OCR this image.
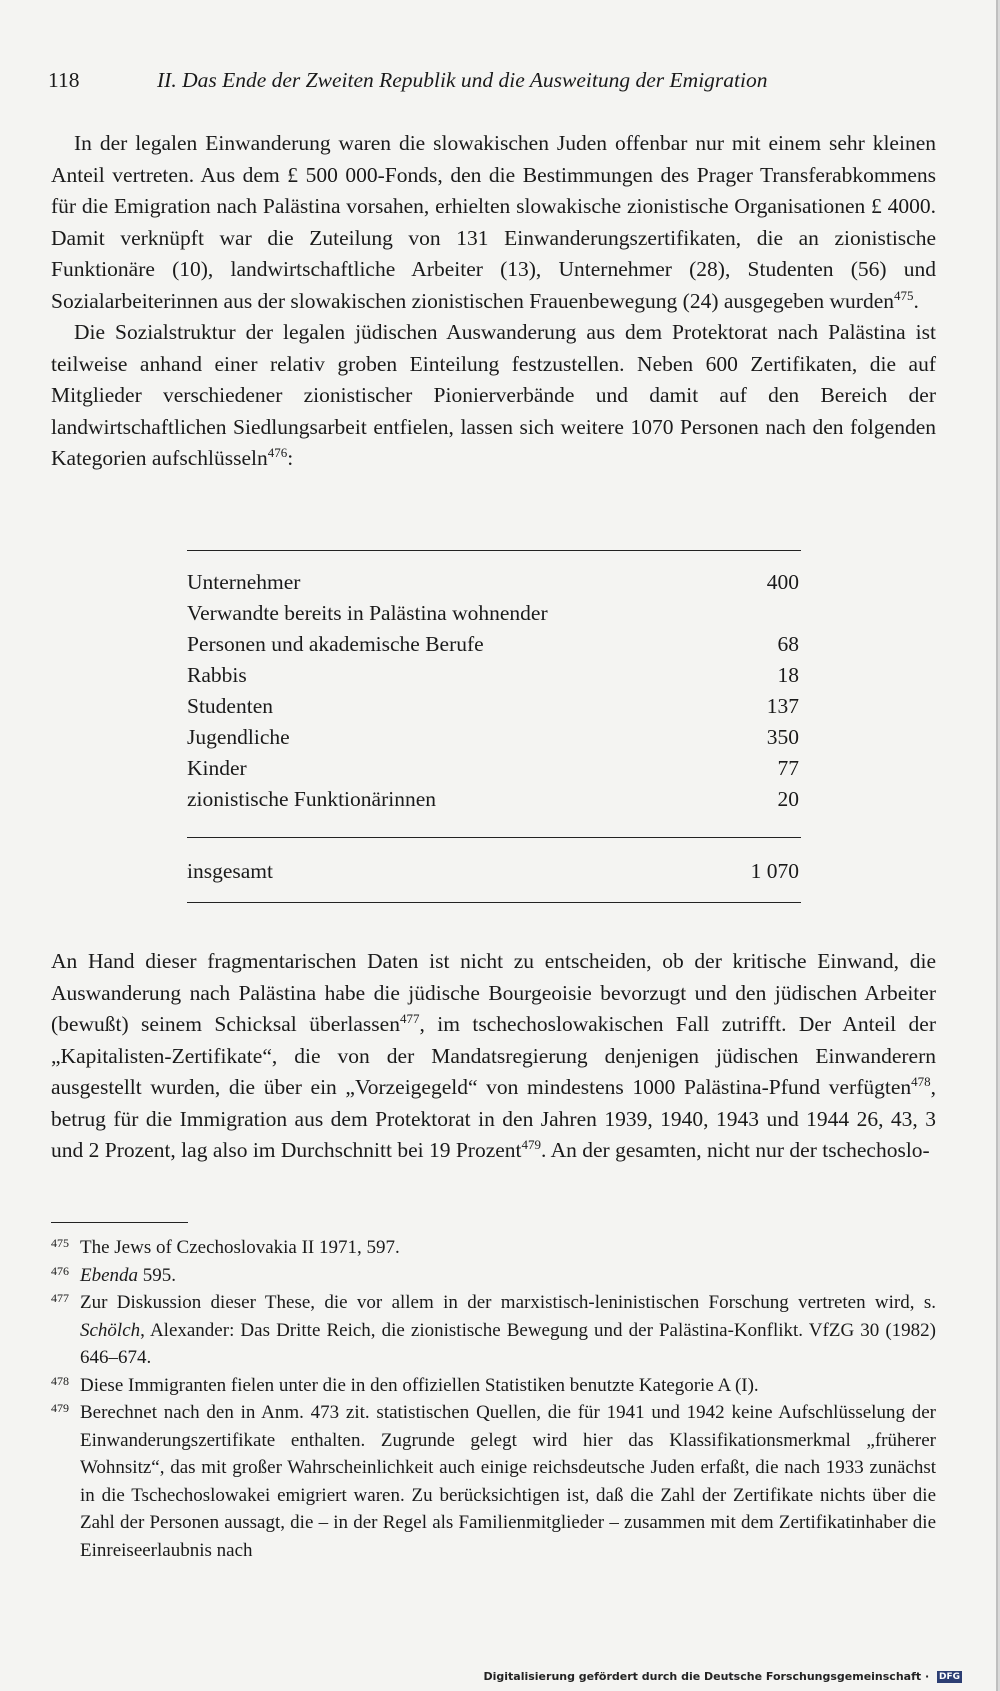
118	II. Das Ende der Zweiten Republik und die Ausweitung der Emigration

In der legalen Einwanderung waren die slowakischen Juden offenbar nur mit einem sehr kleinen Anteil vertreten. Aus dem £ 500 000-Fonds, den die Bestimmungen des Prager Transferabkommens für die Emigration nach Palästina vorsahen, erhielten slowakische zionistische Organisationen £ 4000. Damit verknüpft war die Zuteilung von 131 Einwanderungszertifikaten, die an zionistische Funktionäre (10), landwirtschaftliche Arbeiter (13), Unternehmer (28), Studenten (56) und Sozialarbeiterinnen aus der slowakischen zionistischen Frauenbewegung (24) ausgegeben wurden$^{475}$.

Die Sozialstruktur der legalen jüdischen Auswanderung aus dem Protektorat nach Palästina ist teilweise anhand einer relativ groben Einteilung festzustellen. Neben 600 Zertifikaten, die auf Mitglieder verschiedener zionistischer Pionierverbände und damit auf den Bereich der landwirtschaftlichen Siedlungsarbeit entfielen, lassen sich weitere 1070 Personen nach den folgenden Kategorien aufschlüsseln$^{476}$:

Unternehmer	400
Verwandte bereits in Palästina wohnender
Personen und akademische Berufe	68
Rabbis	18
Studenten	137
Jugendliche	350
Kinder	77
zionistische Funktionärinnen	20
insgesamt	1 070

An Hand dieser fragmentarischen Daten ist nicht zu entscheiden, ob der kritische Einwand, die Auswanderung nach Palästina habe die jüdische Bourgeoisie bevorzugt und den jüdischen Arbeiter (bewußt) seinem Schicksal überlassen$^{477}$, im tschechoslowakischen Fall zutrifft. Der Anteil der „Kapitalisten-Zertifikate“, die von der Mandatsregierung denjenigen jüdischen Einwanderern ausgestellt wurden, die über ein „Vorzeigegeld“ von mindestens 1000 Palästina-Pfund verfügten$^{478}$, betrug für die Immigration aus dem Protektorat in den Jahren 1939, 1940, 1943 und 1944 26, 43, 3 und 2 Prozent, lag also im Durchschnitt bei 19 Prozent$^{479}$. An der gesamten, nicht nur der tschechoslo-

475 The Jews of Czechoslovakia II 1971, 597.
476 Ebenda 595.
477 Zur Diskussion dieser These, die vor allem in der marxistisch-leninistischen Forschung vertreten wird, s. Schölch, Alexander: Das Dritte Reich, die zionistische Bewegung und der Palästina-Konflikt. VfZG 30 (1982) 646–674.
478 Diese Immigranten fielen unter die in den offiziellen Statistiken benutzte Kategorie A (I).
479 Berechnet nach den in Anm. 473 zit. statistischen Quellen, die für 1941 und 1942 keine Aufschlüsselung der Einwanderungszertifikate enthalten. Zugrunde gelegt wird hier das Klassifikationsmerkmal „früherer Wohnsitz“, das mit großer Wahrscheinlichkeit auch einige reichsdeutsche Juden erfaßt, die nach 1933 zunächst in die Tschechoslowakei emigriert waren. Zu berücksichtigen ist, daß die Zahl der Zertifikate nichts über die Zahl der Personen aussagt, die – in der Regel als Familienmitglieder – zusammen mit dem Zertifikatinhaber die Einreiseerlaubnis nach
Digitalisierung gefördert durch die Deutsche Forschungsgemeinschaft · DFG
